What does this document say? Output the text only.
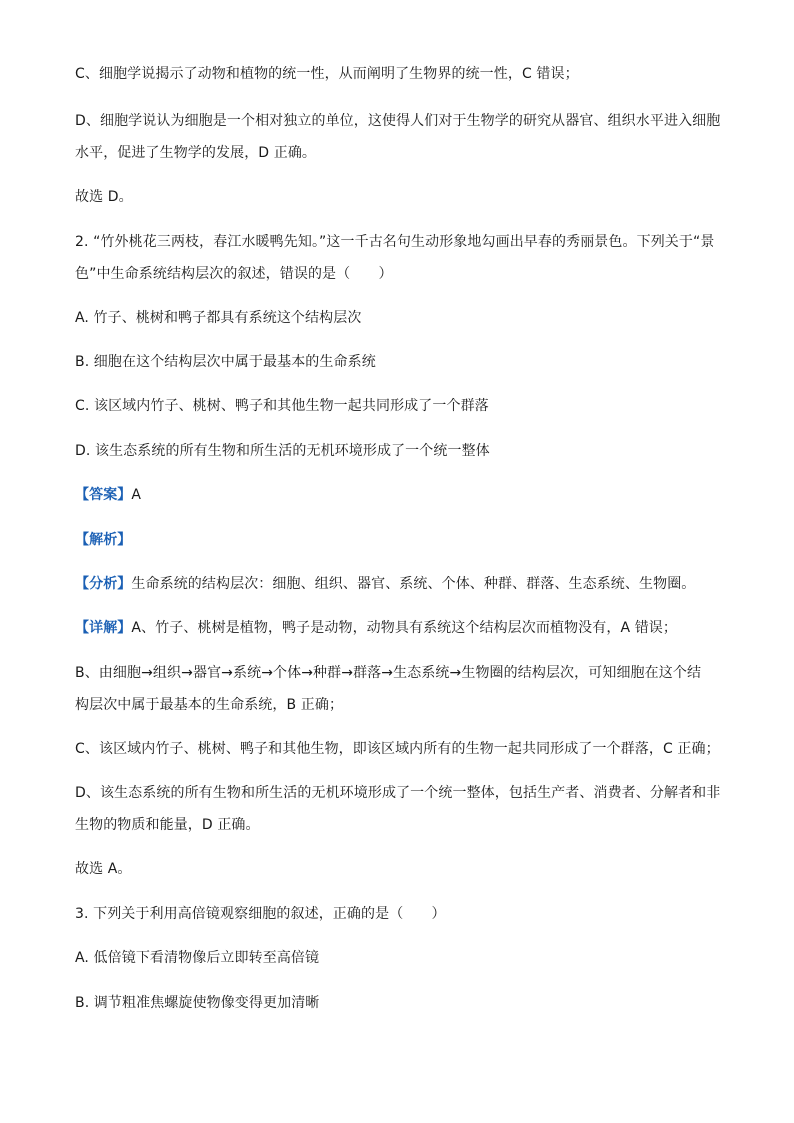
C、细胞学说揭示了动物和植物的统一性，从而阐明了生物界的统一性，C 错误；
D、细胞学说认为细胞是一个相对独立的单位，这使得人们对于生物学的研究从器官、组织水平进入细胞
水平，促进了生物学的发展，D 正确。
故选 D。
2. “竹外桃花三两枝，春江水暖鸭先知。”这一千古名句生动形象地勾画出早春的秀丽景色。下列关于“景
色”中生命系统结构层次的叙述，错误的是（　　）
A. 竹子、桃树和鸭子都具有系统这个结构层次
B. 细胞在这个结构层次中属于最基本的生命系统
C. 该区域内竹子、桃树、鸭子和其他生物一起共同形成了一个群落
D. 该生态系统的所有生物和所生活的无机环境形成了一个统一整体
【答案】A
【解析】
【分析】生命系统的结构层次：细胞、组织、器官、系统、个体、种群、群落、生态系统、生物圈。
【详解】A、竹子、桃树是植物，鸭子是动物，动物具有系统这个结构层次而植物没有，A 错误；
B、由细胞→组织→器官→系统→个体→种群→群落→生态系统→生物圈的结构层次，可知细胞在这个结
构层次中属于最基本的生命系统，B 正确；
C、该区域内竹子、桃树、鸭子和其他生物，即该区域内所有的生物一起共同形成了一个群落，C 正确；
D、该生态系统的所有生物和所生活的无机环境形成了一个统一整体，包括生产者、消费者、分解者和非
生物的物质和能量，D 正确。
故选 A。
3. 下列关于利用高倍镜观察细胞的叙述，正确的是（　　）
A. 低倍镜下看清物像后立即转至高倍镜
B. 调节粗准焦螺旋使物像变得更加清晰
